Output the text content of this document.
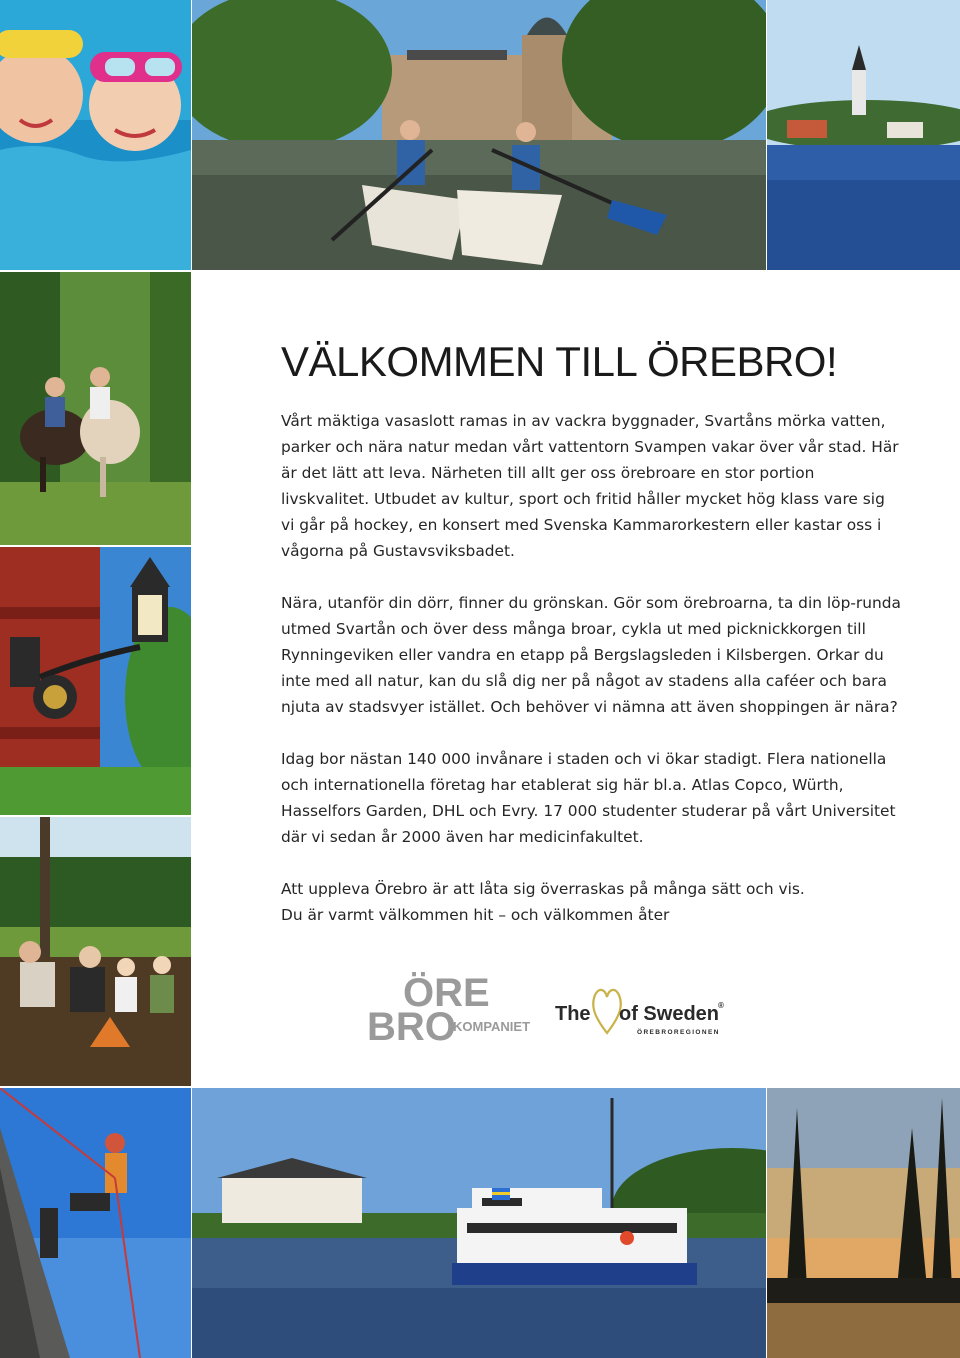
VÄLKOMMEN TILL ÖREBRO!

Vårt mäktiga vasaslott ramas in av vackra byggnader, Svartåns mörka vatten, parker och nära natur medan vårt vattentorn Svampen vakar över vår stad. Här är det lätt att leva. Närheten till allt ger oss örebroare en stor portion livskvalitet. Utbudet av kultur, sport och fritid håller mycket hög klass vare sig vi går på hockey, en konsert med Svenska Kammarorkestern eller kastar oss i vågorna på Gustavsviksbadet.

Nära, utanför din dörr, finner du grönskan. Gör som örebroarna, ta din löp-runda utmed Svartån och över dess många broar, cykla ut med picknickkorgen till Rynningeviken eller vandra en etapp på Bergslagsleden i Kilsbergen. Orkar du inte med all natur, kan du slå dig ner på något av stadens alla caféer och bara njuta av stadsvyer istället. Och behöver vi nämna att även shoppingen är nära?

Idag bor nästan 140 000 invånare i staden och vi ökar stadigt. Flera nationella och internationella företag har etablerat sig här bl.a. Atlas Copco, Würth, Hasselfors Garden, DHL och Evry. 17 000 studenter studerar på vårt Universitet där vi sedan år 2000 även har medicinfakultet.

Att uppleva Örebro är att låta sig överraskas på många sätt och vis.
Du är varmt välkommen hit – och välkommen åter

ÖRE
BRO
KOMPANIET
The of Sweden
®
ÖREBROREGIONEN
